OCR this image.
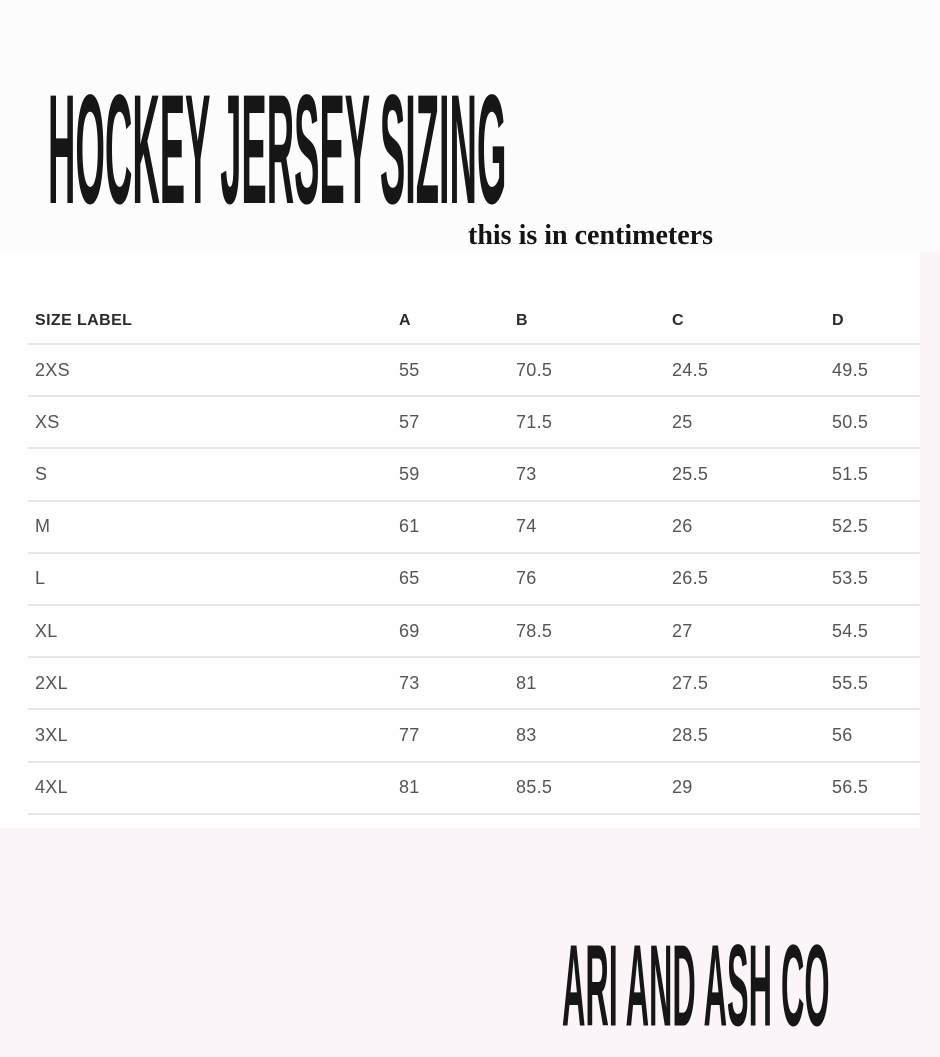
HOCKEY JERSEY SIZING

this is in centimeters

SIZE LABEL	A	B	C	D
2XS	55	70.5	24.5	49.5
XS	57	71.5	25	50.5
S	59	73	25.5	51.5
M	61	74	26	52.5
L	65	76	26.5	53.5
XL	69	78.5	27	54.5
2XL	73	81	27.5	55.5
3XL	77	83	28.5	56
4XL	81	85.5	29	56.5
ARI AND ASH CO
